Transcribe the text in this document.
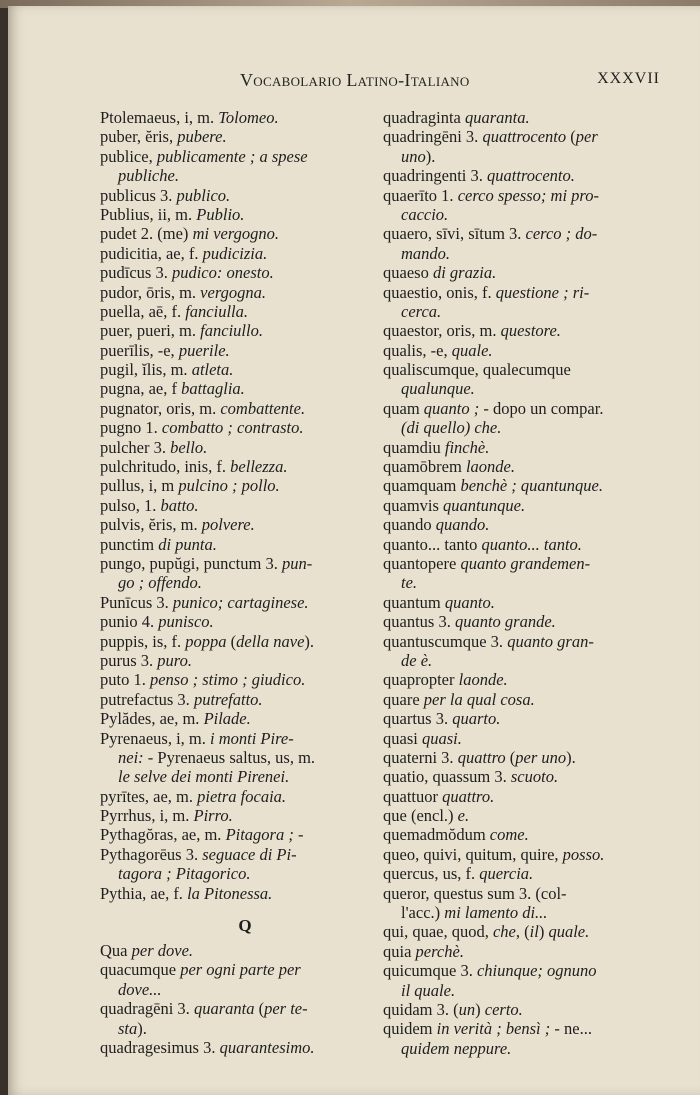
Vocabolario Latino-Italiano	XXXVII
Ptolemaeus, i, m. Tolomeo.
puber, ĕris, pubere.
publice, publicamente ; a spese
publiche.
publicus 3. publico.
Publius, ii, m. Publio.
pudet 2. (me) mi vergogno.
pudicitia, ae, f. pudicizia.
pudīcus 3. pudico: onesto.
pudor, ōris, m. vergogna.
puella, aē, f. fanciulla.
puer, pueri, m. fanciullo.
puerīlis, -e, puerile.
pugil, ĭlis, m. atleta.
pugna, ae, f battaglia.
pugnator, oris, m. combattente.
pugno 1. combatto ; contrasto.
pulcher 3. bello.
pulchritudo, inis, f. bellezza.
pullus, i, m pulcino ; pollo.
pulso, 1. batto.
pulvis, ĕris, m. polvere.
punctim di punta.
pungo, pupŭgi, punctum 3. pun-
go ; offendo.
Punīcus 3. punico; cartaginese.
punio 4. punisco.
puppis, is, f. poppa (della nave).
purus 3. puro.
puto 1. penso ; stimo ; giudico.
putrefactus 3. putrefatto.
Pylădes, ae, m. Pilade.
Pyrenaeus, i, m. i monti Pire-
nei: - Pyrenaeus saltus, us, m.
le selve dei monti Pirenei.
pyrītes, ae, m. pietra focaia.
Pyrrhus, i, m. Pirro.
Pythagŏras, ae, m. Pitagora ; -
Pythagorēus 3. seguace di Pi-
tagora ; Pitagorico.
Pythia, ae, f. la Pitonessa.
Q
Qua per dove.
quacumque per ogni parte per
dove...
quadragēni 3. quaranta (per te-
sta).
quadragesimus 3. quarantesimo.
quadraginta quaranta.
quadringēni 3. quattrocento (per
uno).
quadringenti 3. quattrocento.
quaerīto 1. cerco spesso; mi pro-
caccio.
quaero, sīvi, sītum 3. cerco ; do-
mando.
quaeso di grazia.
quaestio, onis, f. questione ; ri-
cerca.
quaestor, oris, m. questore.
qualis, -e, quale.
qualiscumque, qualecumque
qualunque.
quam quanto ; - dopo un compar.
(di quello) che.
quamdiu finchè.
quamōbrem laonde.
quamquam benchè ; quantunque.
quamvis quantunque.
quando quando.
quanto... tanto quanto... tanto.
quantopere quanto grandemen-
te.
quantum quanto.
quantus 3. quanto grande.
quantuscumque 3. quanto gran-
de è.
quapropter laonde.
quare per la qual cosa.
quartus 3. quarto.
quasi quasi.
quaterni 3. quattro (per uno).
quatio, quassum 3. scuoto.
quattuor quattro.
que (encl.) e.
quemadmŏdum come.
queo, quivi, quitum, quire, posso.
quercus, us, f. quercia.
queror, questus sum 3. (col-
l'acc.) mi lamento di...
qui, quae, quod, che, (il) quale.
quia perchè.
quicumque 3. chiunque; ognuno
il quale.
quidam 3. (un) certo.
quidem in verità ; bensì ; - ne...
quidem neppure.
